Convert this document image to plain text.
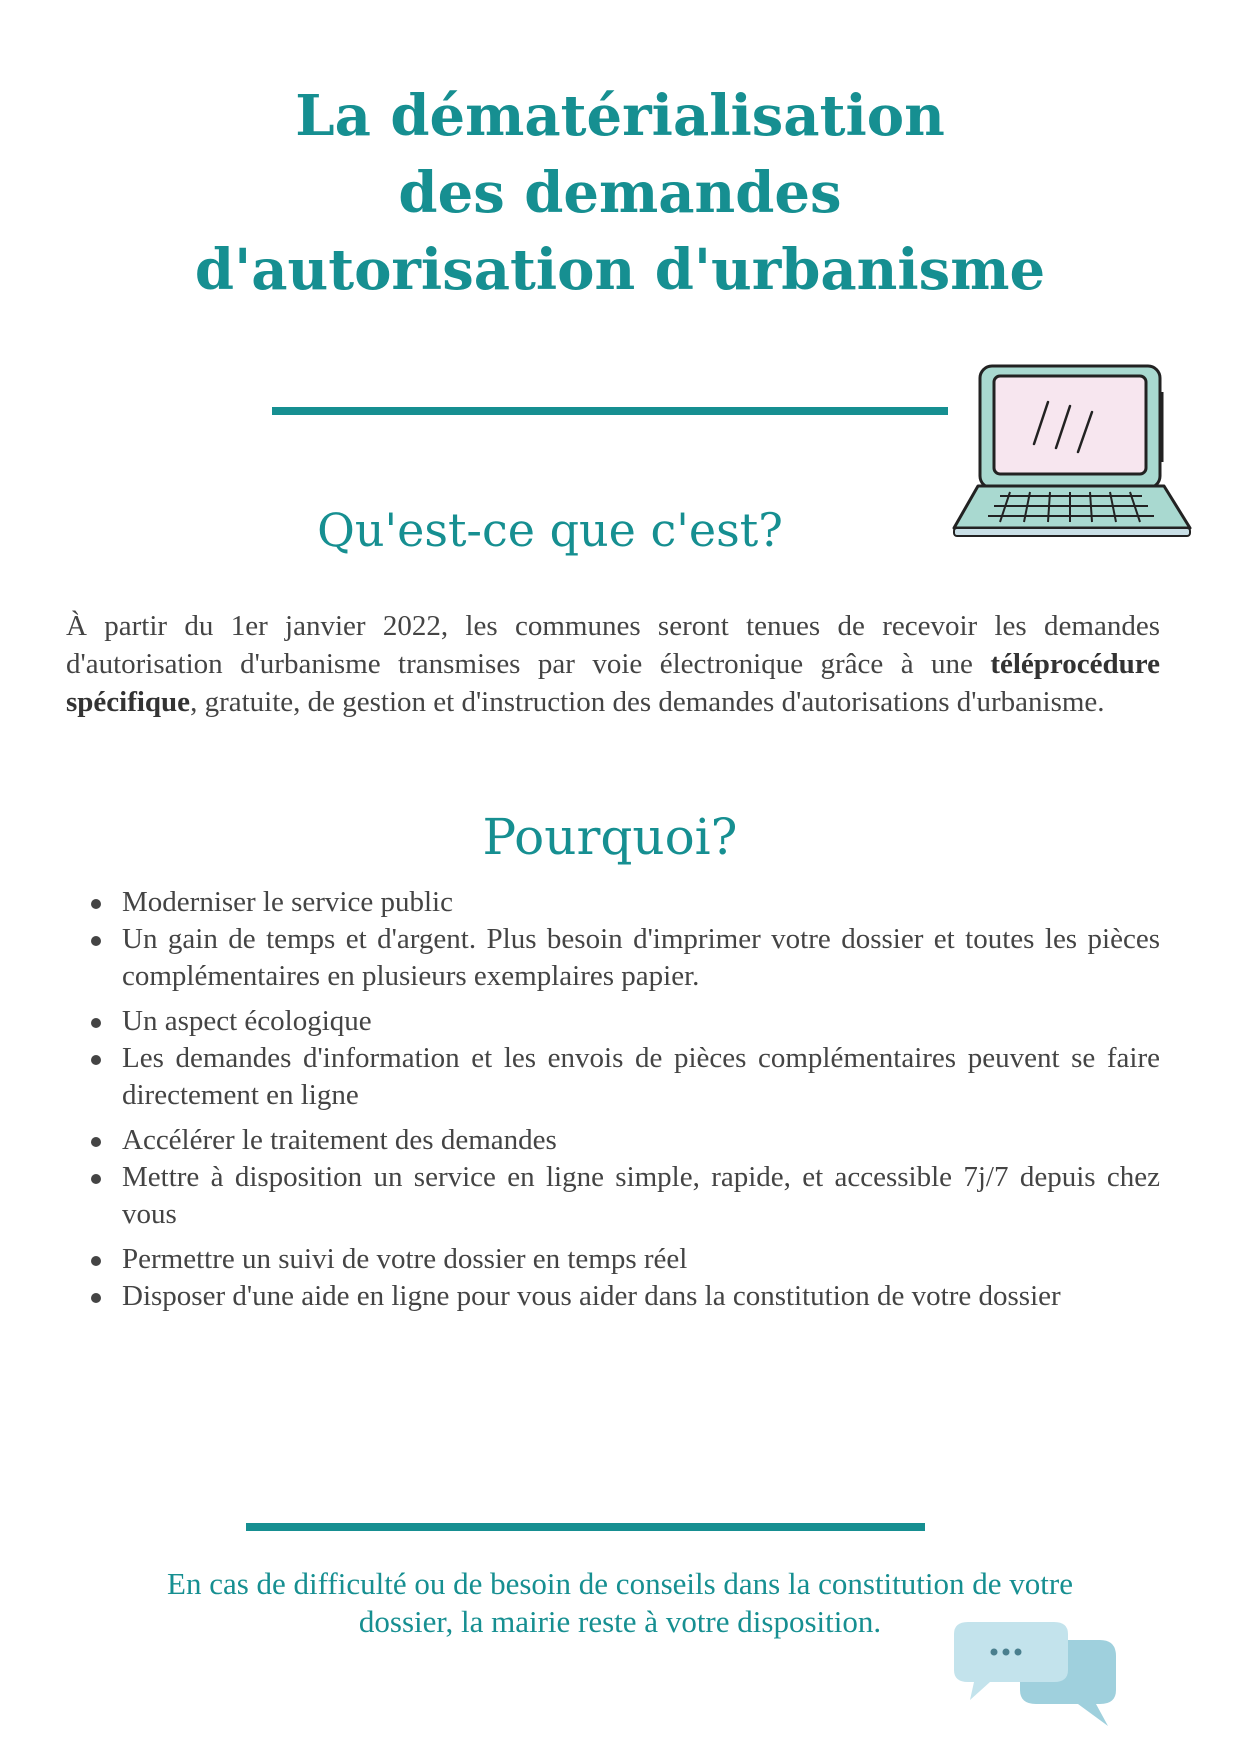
La dématérialisation
des demandes
d'autorisation d'urbanisme
Qu'est-ce que c'est?

À partir du 1er janvier 2022, les communes seront tenues de recevoir les demandes d'autorisation d'urbanisme transmises par voie électronique grâce à une téléprocédure spécifique, gratuite, de gestion et d'instruction des demandes d'autorisations d'urbanisme.

Pourquoi?
Moderniser le service public
Un gain de temps et d'argent. Plus besoin d'imprimer votre dossier et toutes les pièces complémentaires en plusieurs exemplaires papier.
Un aspect écologique
Les demandes d'information et les envois de pièces complémentaires peuvent se faire directement en ligne
Accélérer le traitement des demandes
Mettre à disposition un service en ligne simple, rapide, et accessible 7j/7 depuis chez vous
Permettre un suivi de votre dossier en temps réel
Disposer d'une aide en ligne pour vous aider dans la constitution de votre dossier

En cas de difficulté ou de besoin de conseils dans la constitution de votre
dossier, la mairie reste à votre disposition.
